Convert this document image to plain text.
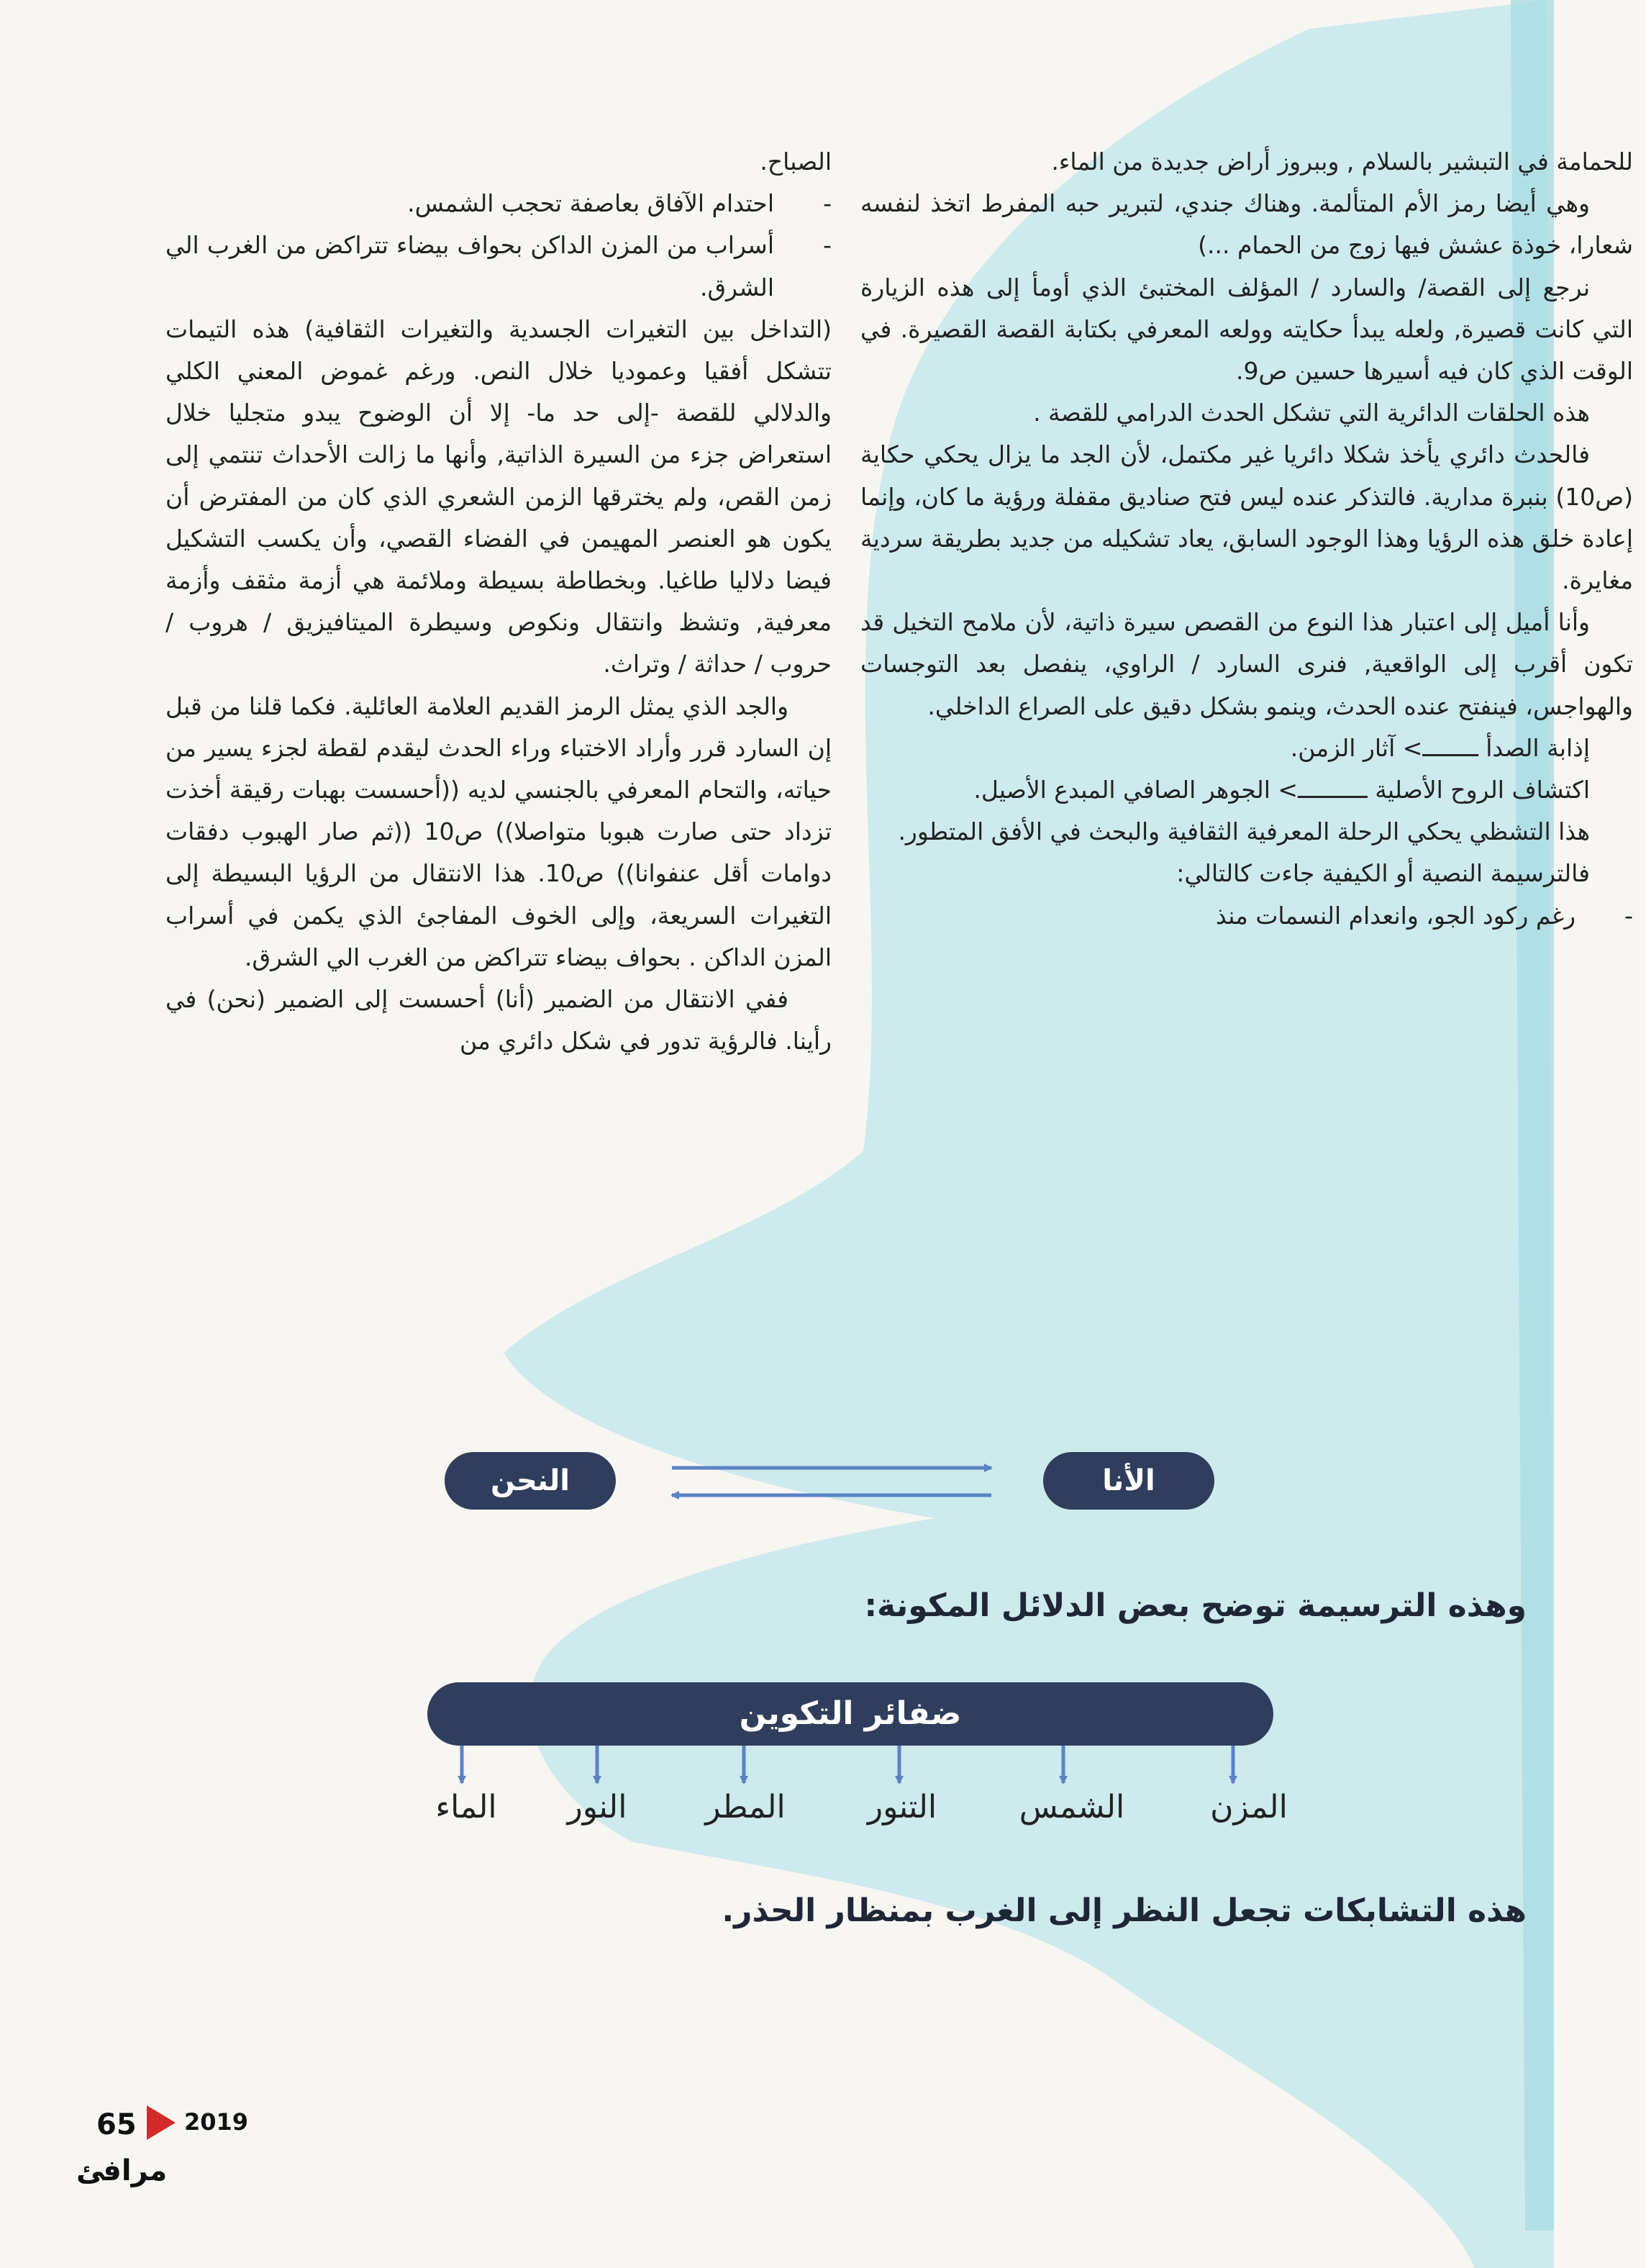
للحمامة في التبشير بالسلام , وببروز أراض جديدة من الماء.

وهي أيضا رمز الأم المتألمة. وهناك جندي، لتبرير حبه المفرط اتخذ لنفسه شعارا، خوذة عشش فيها زوج من الحمام ...)

نرجع إلى القصة/ والسارد / المؤلف المختبئ الذي أومأ إلى هذه الزيارة التي كانت قصيرة, ولعله يبدأ حكايته وولعه المعرفي بكتابة القصة القصيرة. في الوقت الذي كان فيه أسيرها حسين ص9.

هذه الحلقات الدائرية التي تشكل الحدث الدرامي للقصة .

فالحدث دائري يأخذ شكلا دائريا غير مكتمل، لأن الجد ما يزال يحكي حكاية (ص10) بنبرة مدارية. فالتذكر عنده ليس فتح صناديق مقفلة ورؤية ما كان، وإنما إعادة خلق هذه الرؤيا وهذا الوجود السابق، يعاد تشكيله من جديد بطريقة سردية مغايرة.

وأنا أميل إلى اعتبار هذا النوع من القصص سيرة ذاتية، لأن ملامح التخيل قد تكون أقرب إلى الواقعية, فنرى السارد / الراوي، ينفصل بعد التوجسات والهواجس، فينفتح عنده الحدث، وينمو بشكل دقيق على الصراع الداخلي.

إذابة الصدأ ــــــــ> آثار الزمن.

اكتشاف الروح الأصلية ــــــــــ> الجوهر الصافي المبدع الأصيل.

هذا التشظي يحكي الرحلة المعرفية الثقافية والبحث في الأفق المتطور.

فالترسيمة النصية أو الكيفية جاءت كالتالي:

-
رغم ركود الجو، وانعدام النسمات منذ

الصباح.

-
احتدام الآفاق بعاصفة تحجب الشمس.

-
أسراب من المزن الداكن بحواف بيضاء تتراكض من الغرب الي الشرق.

(التداخل بين التغيرات الجسدية والتغيرات الثقافية) هذه التيمات تتشكل أفقيا وعموديا خلال النص. ورغم غموض المعني الكلي والدلالي للقصة -إلى حد ما- إلا أن الوضوح يبدو متجليا خلال استعراض جزء من السيرة الذاتية, وأنها ما زالت الأحداث تنتمي إلى زمن القص، ولم يخترقها الزمن الشعري الذي كان من المفترض أن يكون هو العنصر المهيمن في الفضاء القصي، وأن يكسب التشكيل فيضا دلاليا طاغيا. وبخطاطة بسيطة وملائمة هي أزمة مثقف وأزمة معرفية, وتشظ وانتقال ونكوص وسيطرة الميتافيزيق / هروب / حروب / حداثة / وتراث.

والجد الذي يمثل الرمز القديم العلامة العائلية. فكما قلنا من قبل إن السارد قرر وأراد الاختباء وراء الحدث ليقدم لقطة لجزء يسير من حياته، والتحام المعرفي بالجنسي لديه ((أحسست بهبات رقيقة أخذت تزداد حتى صارت هبوبا متواصلا)) ص10 ((ثم صار الهبوب دفقات دوامات أقل عنفوانا)) ص10. هذا الانتقال من الرؤيا البسيطة إلى التغيرات السريعة، وإلى الخوف المفاجئ الذي يكمن في أسراب المزن الداكن . بحواف بيضاء تتراكض من الغرب الي الشرق.

ففي الانتقال من الضمير (أنا) أحسست إلى الضمير (نحن) في رأينا. فالرؤية تدور في شكل دائري من

الأنا
النحن
وهذه الترسيمة توضح بعض الدلائل المكونة:
ضفائر التكوين
المزن
الشمس
التنور
المطر
النور
الماء
هذه التشابكات تجعل النظر إلى الغرب بمنظار الحذر.
65 2019
مرافئ
